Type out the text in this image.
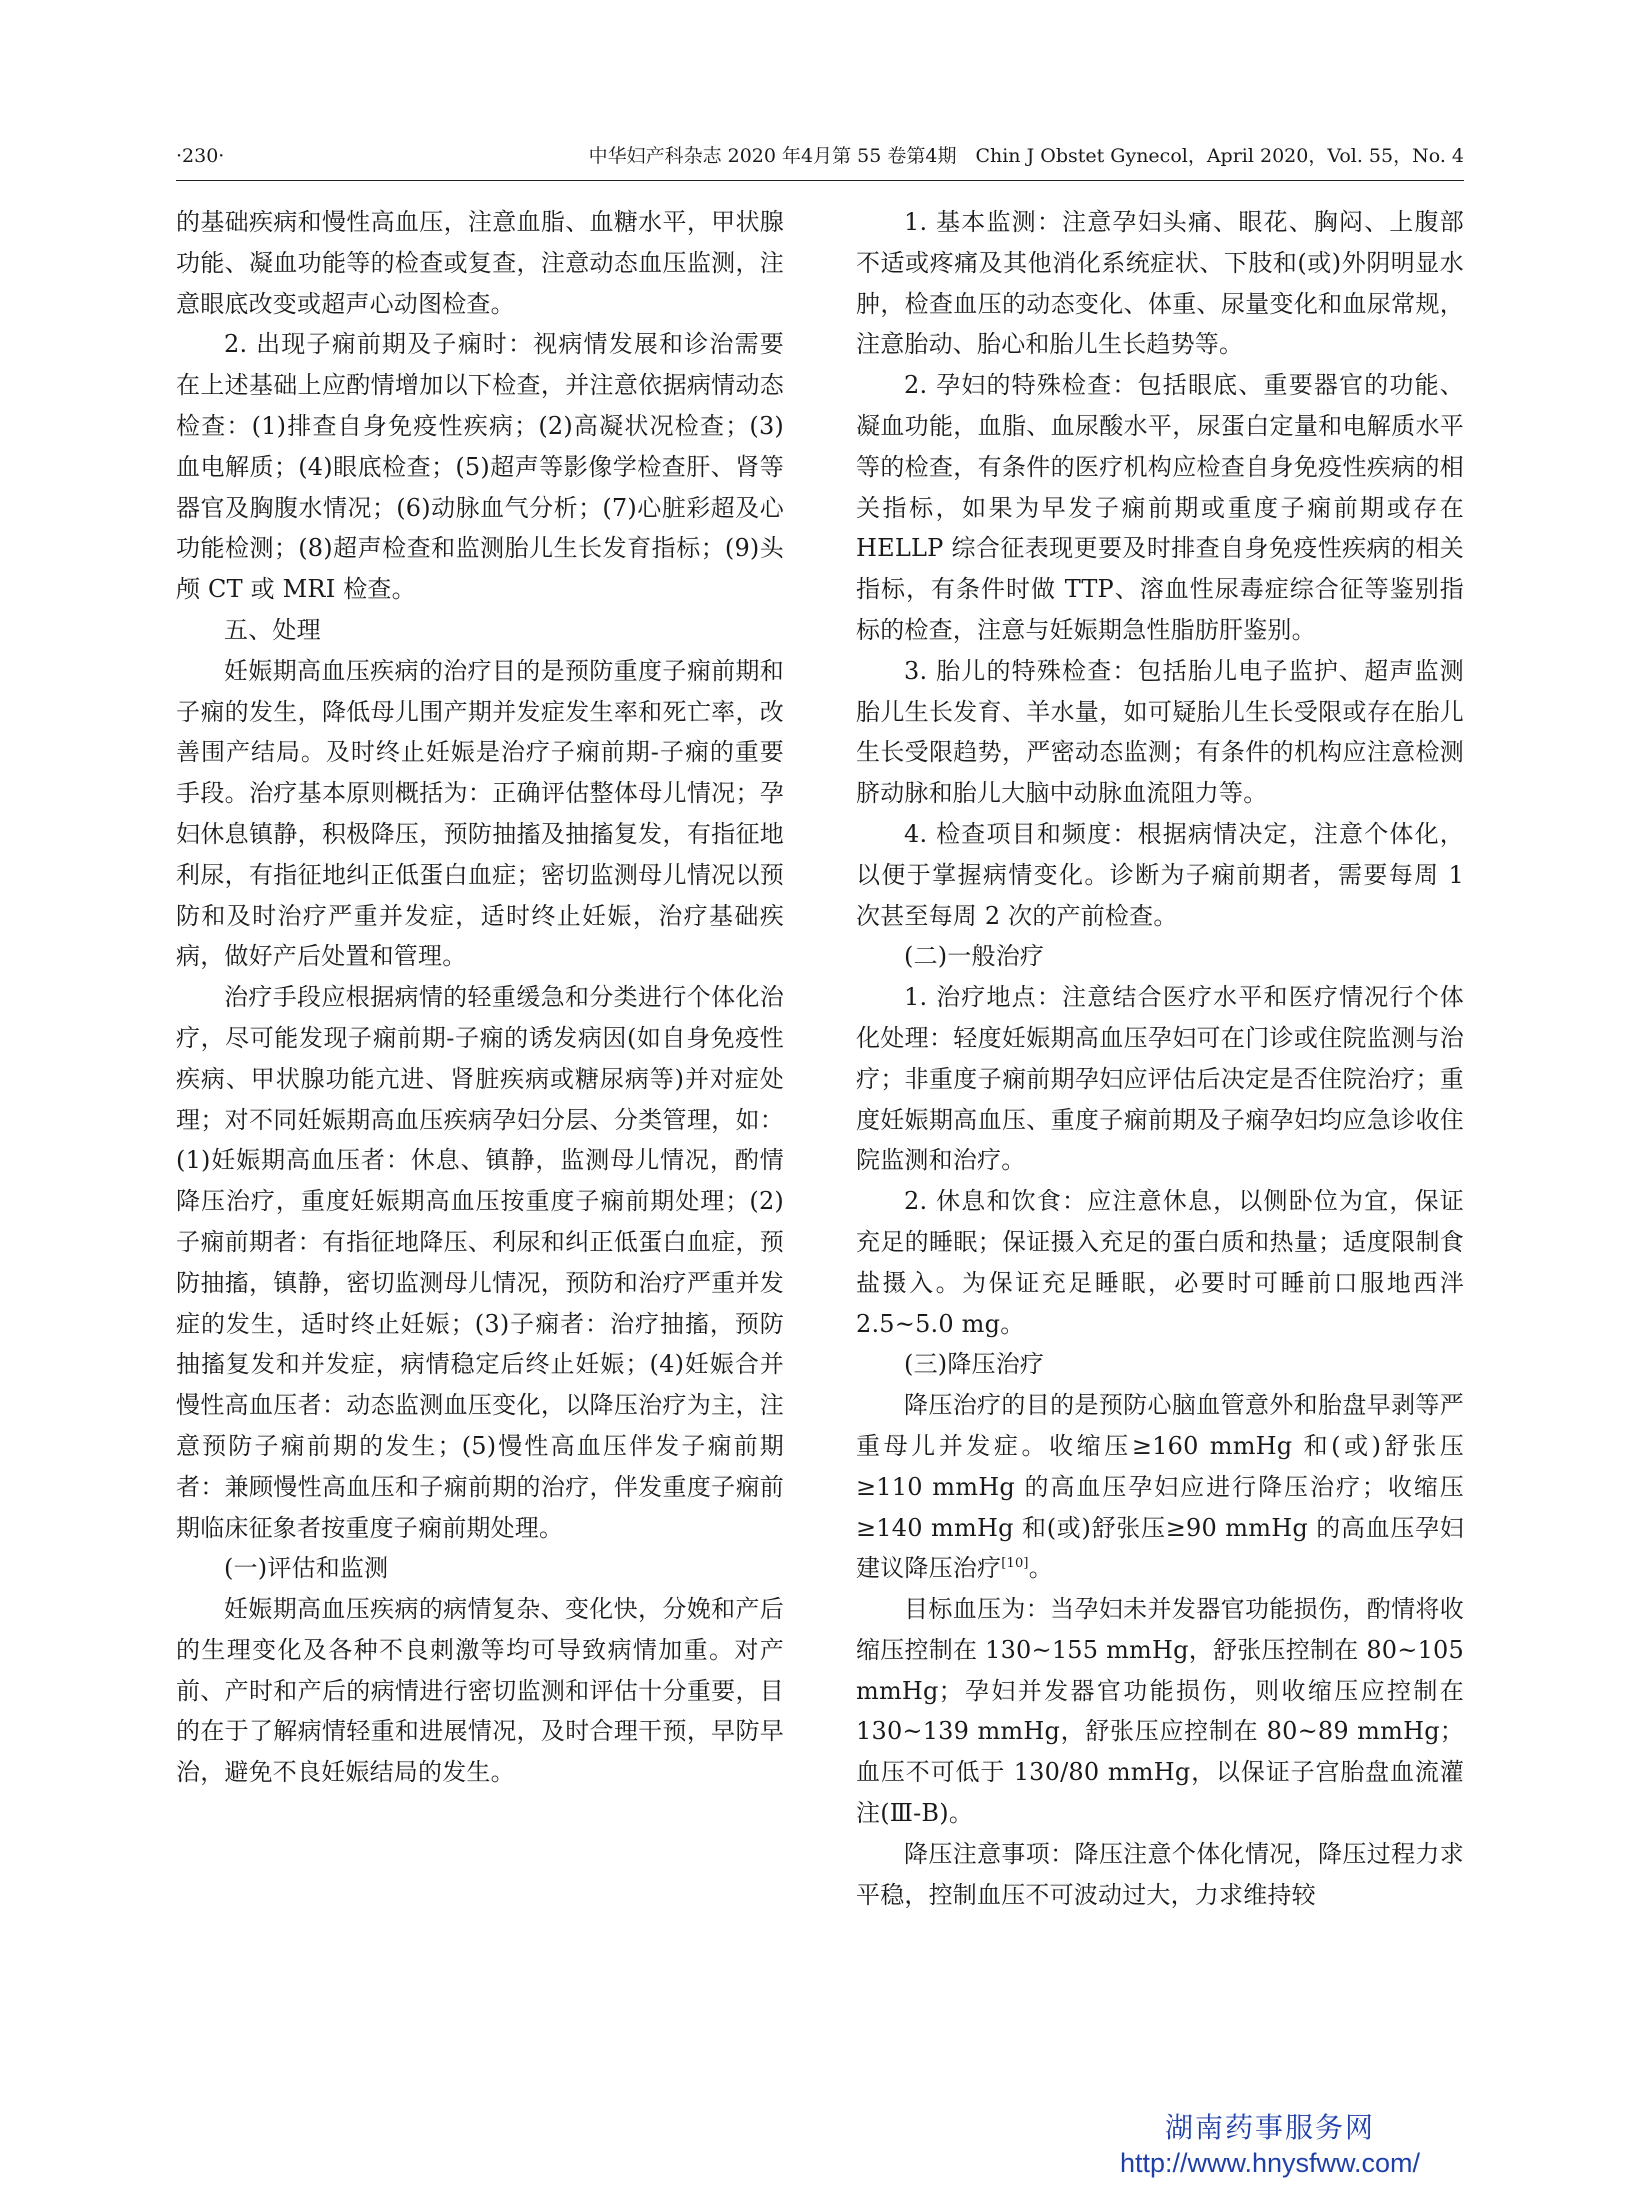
·230·	中华妇产科杂志 2020 年4月第 55 卷第4期　Chin J Obstet Gynecol，April 2020，Vol. 55，No. 4

的基础疾病和慢性高血压，注意血脂、血糖水平，甲状腺功能、凝血功能等的检查或复查，注意动态血压监测，注意眼底改变或超声心动图检查。

2. 出现子痫前期及子痫时：视病情发展和诊治需要在上述基础上应酌情增加以下检查，并注意依据病情动态检查：(1)排查自身免疫性疾病；(2)高凝状况检查；(3)血电解质；(4)眼底检查；(5)超声等影像学检查肝、肾等器官及胸腹水情况；(6)动脉血气分析；(7)心脏彩超及心功能检测；(8)超声检查和监测胎儿生长发育指标；(9)头颅 CT 或 MRI 检查。

五、处理

妊娠期高血压疾病的治疗目的是预防重度子痫前期和子痫的发生，降低母儿围产期并发症发生率和死亡率，改善围产结局。及时终止妊娠是治疗子痫前期-子痫的重要手段。治疗基本原则概括为：正确评估整体母儿情况；孕妇休息镇静，积极降压，预防抽搐及抽搐复发，有指征地利尿，有指征地纠正低蛋白血症；密切监测母儿情况以预防和及时治疗严重并发症，适时终止妊娠，治疗基础疾病，做好产后处置和管理。

治疗手段应根据病情的轻重缓急和分类进行个体化治疗，尽可能发现子痫前期-子痫的诱发病因(如自身免疫性疾病、甲状腺功能亢进、肾脏疾病或糖尿病等)并对症处理；对不同妊娠期高血压疾病孕妇分层、分类管理，如：(1)妊娠期高血压者：休息、镇静，监测母儿情况，酌情降压治疗，重度妊娠期高血压按重度子痫前期处理；(2)子痫前期者：有指征地降压、利尿和纠正低蛋白血症，预防抽搐，镇静，密切监测母儿情况，预防和治疗严重并发症的发生，适时终止妊娠；(3)子痫者：治疗抽搐，预防抽搐复发和并发症，病情稳定后终止妊娠；(4)妊娠合并慢性高血压者：动态监测血压变化，以降压治疗为主，注意预防子痫前期的发生；(5)慢性高血压伴发子痫前期者：兼顾慢性高血压和子痫前期的治疗，伴发重度子痫前期临床征象者按重度子痫前期处理。

(一)评估和监测

妊娠期高血压疾病的病情复杂、变化快，分娩和产后的生理变化及各种不良刺激等均可导致病情加重。对产前、产时和产后的病情进行密切监测和评估十分重要，目的在于了解病情轻重和进展情况，及时合理干预，早防早治，避免不良妊娠结局的发生。

1. 基本监测：注意孕妇头痛、眼花、胸闷、上腹部不适或疼痛及其他消化系统症状、下肢和(或)外阴明显水肿，检查血压的动态变化、体重、尿量变化和血尿常规，注意胎动、胎心和胎儿生长趋势等。

2. 孕妇的特殊检查：包括眼底、重要器官的功能、凝血功能，血脂、血尿酸水平，尿蛋白定量和电解质水平等的检查，有条件的医疗机构应检查自身免疫性疾病的相关指标，如果为早发子痫前期或重度子痫前期或存在 HELLP 综合征表现更要及时排查自身免疫性疾病的相关指标，有条件时做 TTP、溶血性尿毒症综合征等鉴别指标的检查，注意与妊娠期急性脂肪肝鉴别。

3. 胎儿的特殊检查：包括胎儿电子监护、超声监测胎儿生长发育、羊水量，如可疑胎儿生长受限或存在胎儿生长受限趋势，严密动态监测；有条件的机构应注意检测脐动脉和胎儿大脑中动脉血流阻力等。

4. 检查项目和频度：根据病情决定，注意个体化，以便于掌握病情变化。诊断为子痫前期者，需要每周 1 次甚至每周 2 次的产前检查。

(二)一般治疗

1. 治疗地点：注意结合医疗水平和医疗情况行个体化处理：轻度妊娠期高血压孕妇可在门诊或住院监测与治疗；非重度子痫前期孕妇应评估后决定是否住院治疗；重度妊娠期高血压、重度子痫前期及子痫孕妇均应急诊收住院监测和治疗。

2. 休息和饮食：应注意休息，以侧卧位为宜，保证充足的睡眠；保证摄入充足的蛋白质和热量；适度限制食盐摄入。为保证充足睡眠，必要时可睡前口服地西泮 2.5~5.0 mg。

(三)降压治疗

降压治疗的目的是预防心脑血管意外和胎盘早剥等严重母儿并发症。收缩压≥160 mmHg 和(或)舒张压≥110 mmHg 的高血压孕妇应进行降压治疗；收缩压≥140 mmHg 和(或)舒张压≥90 mmHg 的高血压孕妇建议降压治疗[10]。

目标血压为：当孕妇未并发器官功能损伤，酌情将收缩压控制在 130~155 mmHg，舒张压控制在 80~105 mmHg；孕妇并发器官功能损伤，则收缩压应控制在 130~139 mmHg，舒张压应控制在 80~89 mmHg；血压不可低于 130/80 mmHg，以保证子宫胎盘血流灌注(Ⅲ-B)。

降压注意事项：降压注意个体化情况，降压过程力求平稳，控制血压不可波动过大，力求维持较

湖南药事服务网
http://www.hnysfww.com/
